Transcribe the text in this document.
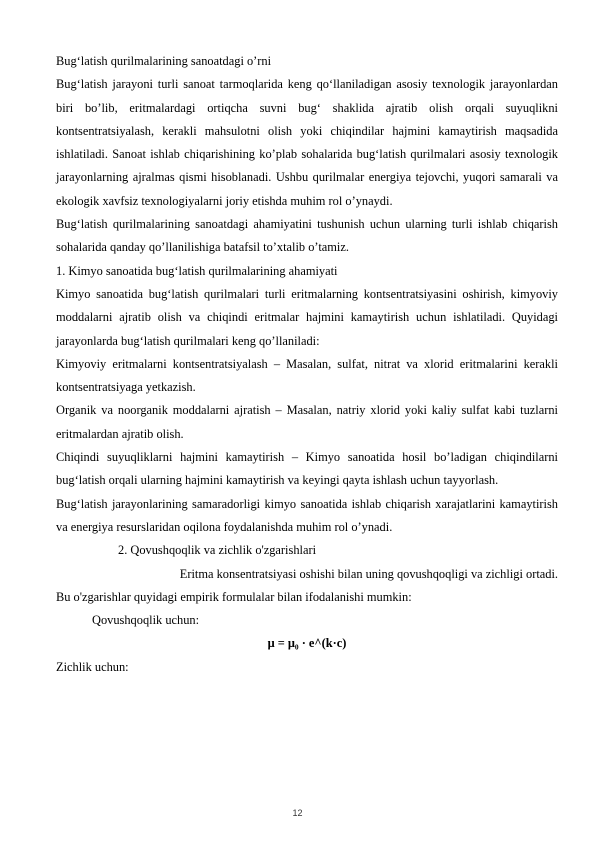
Bug‘latish qurilmalarining sanoatdagi o’rni

Bug‘latish jarayoni turli sanoat tarmoqlarida keng qo‘llaniladigan asosiy texnologik jarayonlardan biri bo’lib, eritmalardagi ortiqcha suvni bug‘ shaklida ajratib olish orqali suyuqlikni kontsentratsiyalash, kerakli mahsulotni olish yoki chiqindilar hajmini kamaytirish maqsadida ishlatiladi. Sanoat ishlab chiqarishining ko’plab sohalarida bug‘latish qurilmalari asosiy texnologik jarayonlarning ajralmas qismi hisoblanadi. Ushbu qurilmalar energiya tejovchi, yuqori samarali va ekologik xavfsiz texnologiyalarni joriy etishda muhim rol o’ynaydi.

Bug‘latish qurilmalarining sanoatdagi ahamiyatini tushunish uchun ularning turli ishlab chiqarish sohalarida qanday qo’llanilishiga batafsil to’xtalib o’tamiz.

1. Kimyo sanoatida bug‘latish qurilmalarining ahamiyati

Kimyo sanoatida bug‘latish qurilmalari turli eritmalarning kontsentratsiyasini oshirish, kimyoviy moddalarni ajratib olish va chiqindi eritmalar hajmini kamaytirish uchun ishlatiladi. Quyidagi jarayonlarda bug‘latish qurilmalari keng qo’llaniladi:

Kimyoviy eritmalarni kontsentratsiyalash – Masalan, sulfat, nitrat va xlorid eritmalarini kerakli kontsentratsiyaga yetkazish.

Organik va noorganik moddalarni ajratish – Masalan, natriy xlorid yoki kaliy sulfat kabi tuzlarni eritmalardan ajratib olish.

Chiqindi suyuqliklarni hajmini kamaytirish – Kimyo sanoatida hosil bo’ladigan chiqindilarni bug‘latish orqali ularning hajmini kamaytirish va keyingi qayta ishlash uchun tayyorlash.

Bug‘latish jarayonlarining samaradorligi kimyo sanoatida ishlab chiqarish xarajatlarini kamaytirish va energiya resurslaridan oqilona foydalanishda muhim rol o’ynadi.

2. Qovushqoqlik va zichlik o'zgarishlari

Eritma konsentratsiyasi oshishi bilan uning qovushqoqligi va zichligi ortadi.

Bu o'zgarishlar quyidagi empirik formulalar bilan ifodalanishi mumkin:

Qovushqoqlik uchun:

μ = μ₀ · e^(k·c)

Zichlik uchun:

12
